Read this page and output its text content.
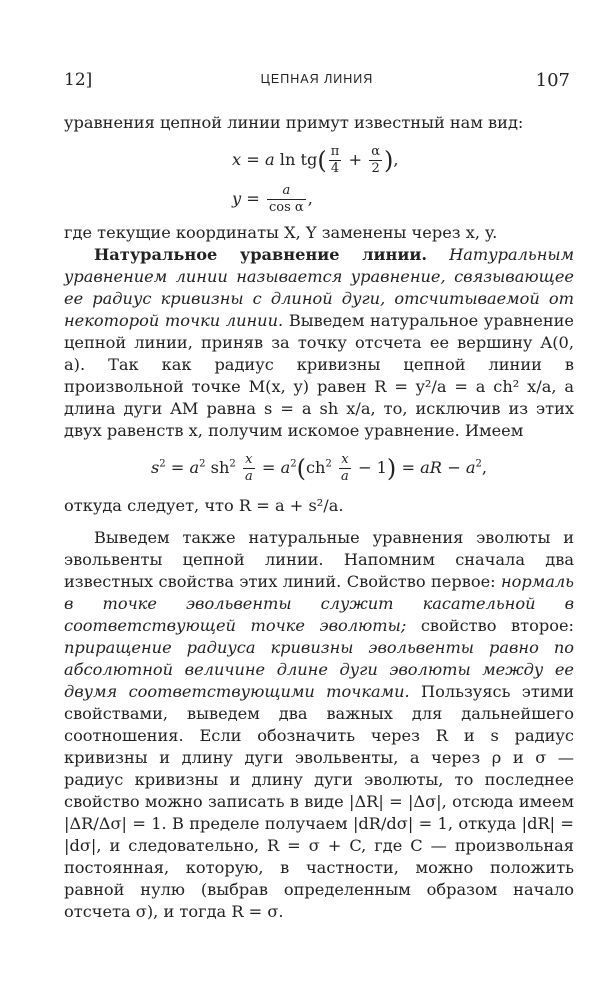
12]	ЦЕПНАЯ ЛИНИЯ	107

уравнения цепной линии примут известный нам вид:

x = a $\ln tg( \frac{\pi}{4} + \frac{\alpha}{2}$ ),
$y = \frac{a}{\text{cos α}}$ ,

где текущие координаты X, Y заменены через x, y.

Натуральное уравнение линии. Натуральным уравнением линии называется уравнение, связывающее ее радиус кривизны с длиной дуги, отсчитываемой от некоторой точки линии. Выведем натуральное уравнение цепной линии, приняв за точку отсчета ее вершину A(0, a). Так как радиус кривизны цепной линии в произвольной точке M(x, y) равен R = y²/a = a ch² x/a, а длина дуги AM равна s = a sh x/a, то, исключив из этих двух равенств x, получим искомое уравнение. Имеем

$s^2 = a^2$ $sh^2 \frac{x}{a} = a^2(ch^2 \frac{x}{a} - 1)$ = aR − $a^2$,

откуда следует, что R = a + s²/a.

Выведем также натуральные уравнения эволюты и эвольвенты цепной линии. Напомним сначала два известных свойства этих линий. Свойство первое: нормаль в точке эвольвенты служит касательной в соответствующей точке эволюты; свойство второе: приращение радиуса кривизны эвольвенты равно по абсолютной величине длине дуги эволюты между ее двумя соответствующими точками. Пользуясь этими свойствами, выведем два важных для дальнейшего соотношения. Если обозначить через R и s радиус кривизны и длину дуги эвольвенты, а через ρ и σ — радиус кривизны и длину дуги эволюты, то последнее свойство можно записать в виде |ΔR| = |Δσ|, отсюда имеем |ΔR/Δσ| = 1. В пределе получаем |dR/dσ| = 1, откуда |dR| = |dσ|, и следовательно, R = σ + C, где C — произвольная постоянная, которую, в частности, можно положить равной нулю (выбрав определенным образом начало отсчета σ), и тогда R = σ.
